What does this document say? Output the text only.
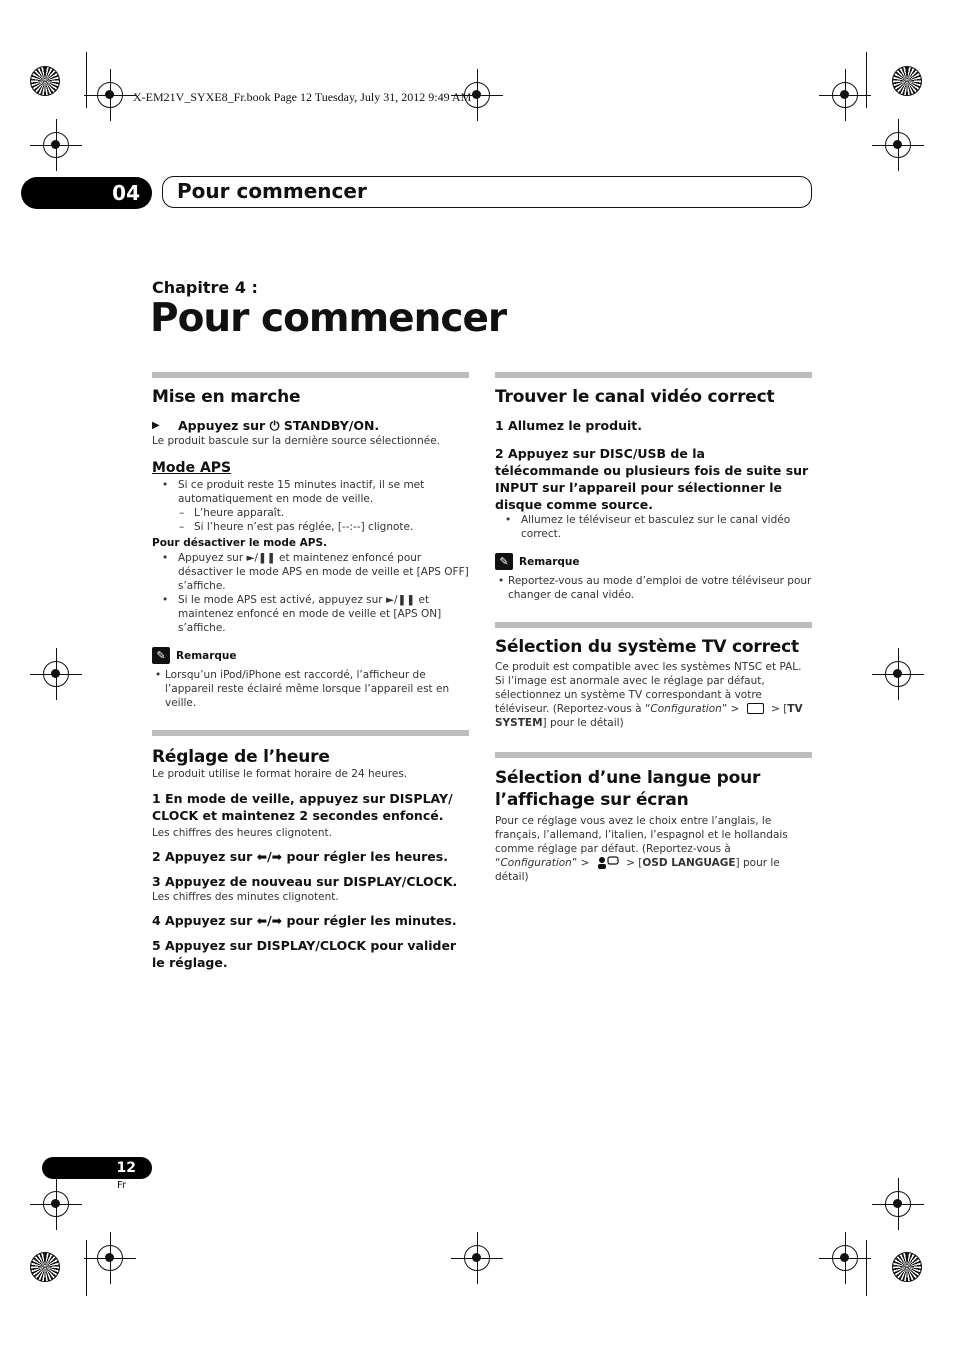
X-EM21V_SYXE8_Fr.book Page 12 Tuesday, July 31, 2012 9:49 AM
04	Pour commencer
Chapitre 4 :
Pour commencer
Mise en marche
▶ Appuyez sur ⏻ STANDBY/ON.
Le produit bascule sur la dernière source sélectionnée.
Mode APS
• Si ce produit reste 15 minutes inactif, il se met automatiquement en mode de veille.
– L’heure apparaît.
– Si l’heure n’est pas réglée, [--:--] clignote.
Pour désactiver le mode APS.
• Appuyez sur ►/❚❚ et maintenez enfoncé pour désactiver le mode APS en mode de veille et [APS OFF] s’affiche.
• Si le mode APS est activé, appuyez sur ►/❚❚ et maintenez enfoncé en mode de veille et [APS ON] s’affiche.
✎ Remarque
• Lorsqu’un iPod/iPhone est raccordé, l’afficheur de l’appareil reste éclairé même lorsque l’appareil est en veille.
Réglage de l’heure
Le produit utilise le format horaire de 24 heures.
1 En mode de veille, appuyez sur DISPLAY/ CLOCK et maintenez 2 secondes enfoncé.
Les chiffres des heures clignotent.
2 Appuyez sur ⬅/➡ pour régler les heures.
3 Appuyez de nouveau sur DISPLAY/CLOCK.
Les chiffres des minutes clignotent.
4 Appuyez sur ⬅/➡ pour régler les minutes.
5 Appuyez sur DISPLAY/CLOCK pour valider le réglage.
Trouver le canal vidéo correct
1 Allumez le produit.
2 Appuyez sur DISC/USB de la télécommande ou plusieurs fois de suite sur INPUT sur l’appareil pour sélectionner le disque comme source.
• Allumez le téléviseur et basculez sur le canal vidéo correct.
✎ Remarque
• Reportez-vous au mode d’emploi de votre téléviseur pour changer de canal vidéo.
Sélection du système TV correct
Ce produit est compatible avec les systèmes NTSC et PAL. Si l’image est anormale avec le réglage par défaut, sélectionnez un système TV correspondant à votre téléviseur. (Reportez-vous à “Configuration” >  > [TV SYSTEM] pour le détail)
Sélection d’une langue pour l’affichage sur écran
Pour ce réglage vous avez le choix entre l’anglais, le français, l’allemand, l’italien, l’espagnol et le hollandais comme réglage par défaut. (Reportez-vous à “Configuration” >	> [OSD LANGUAGE] pour le détail)
12
Fr
